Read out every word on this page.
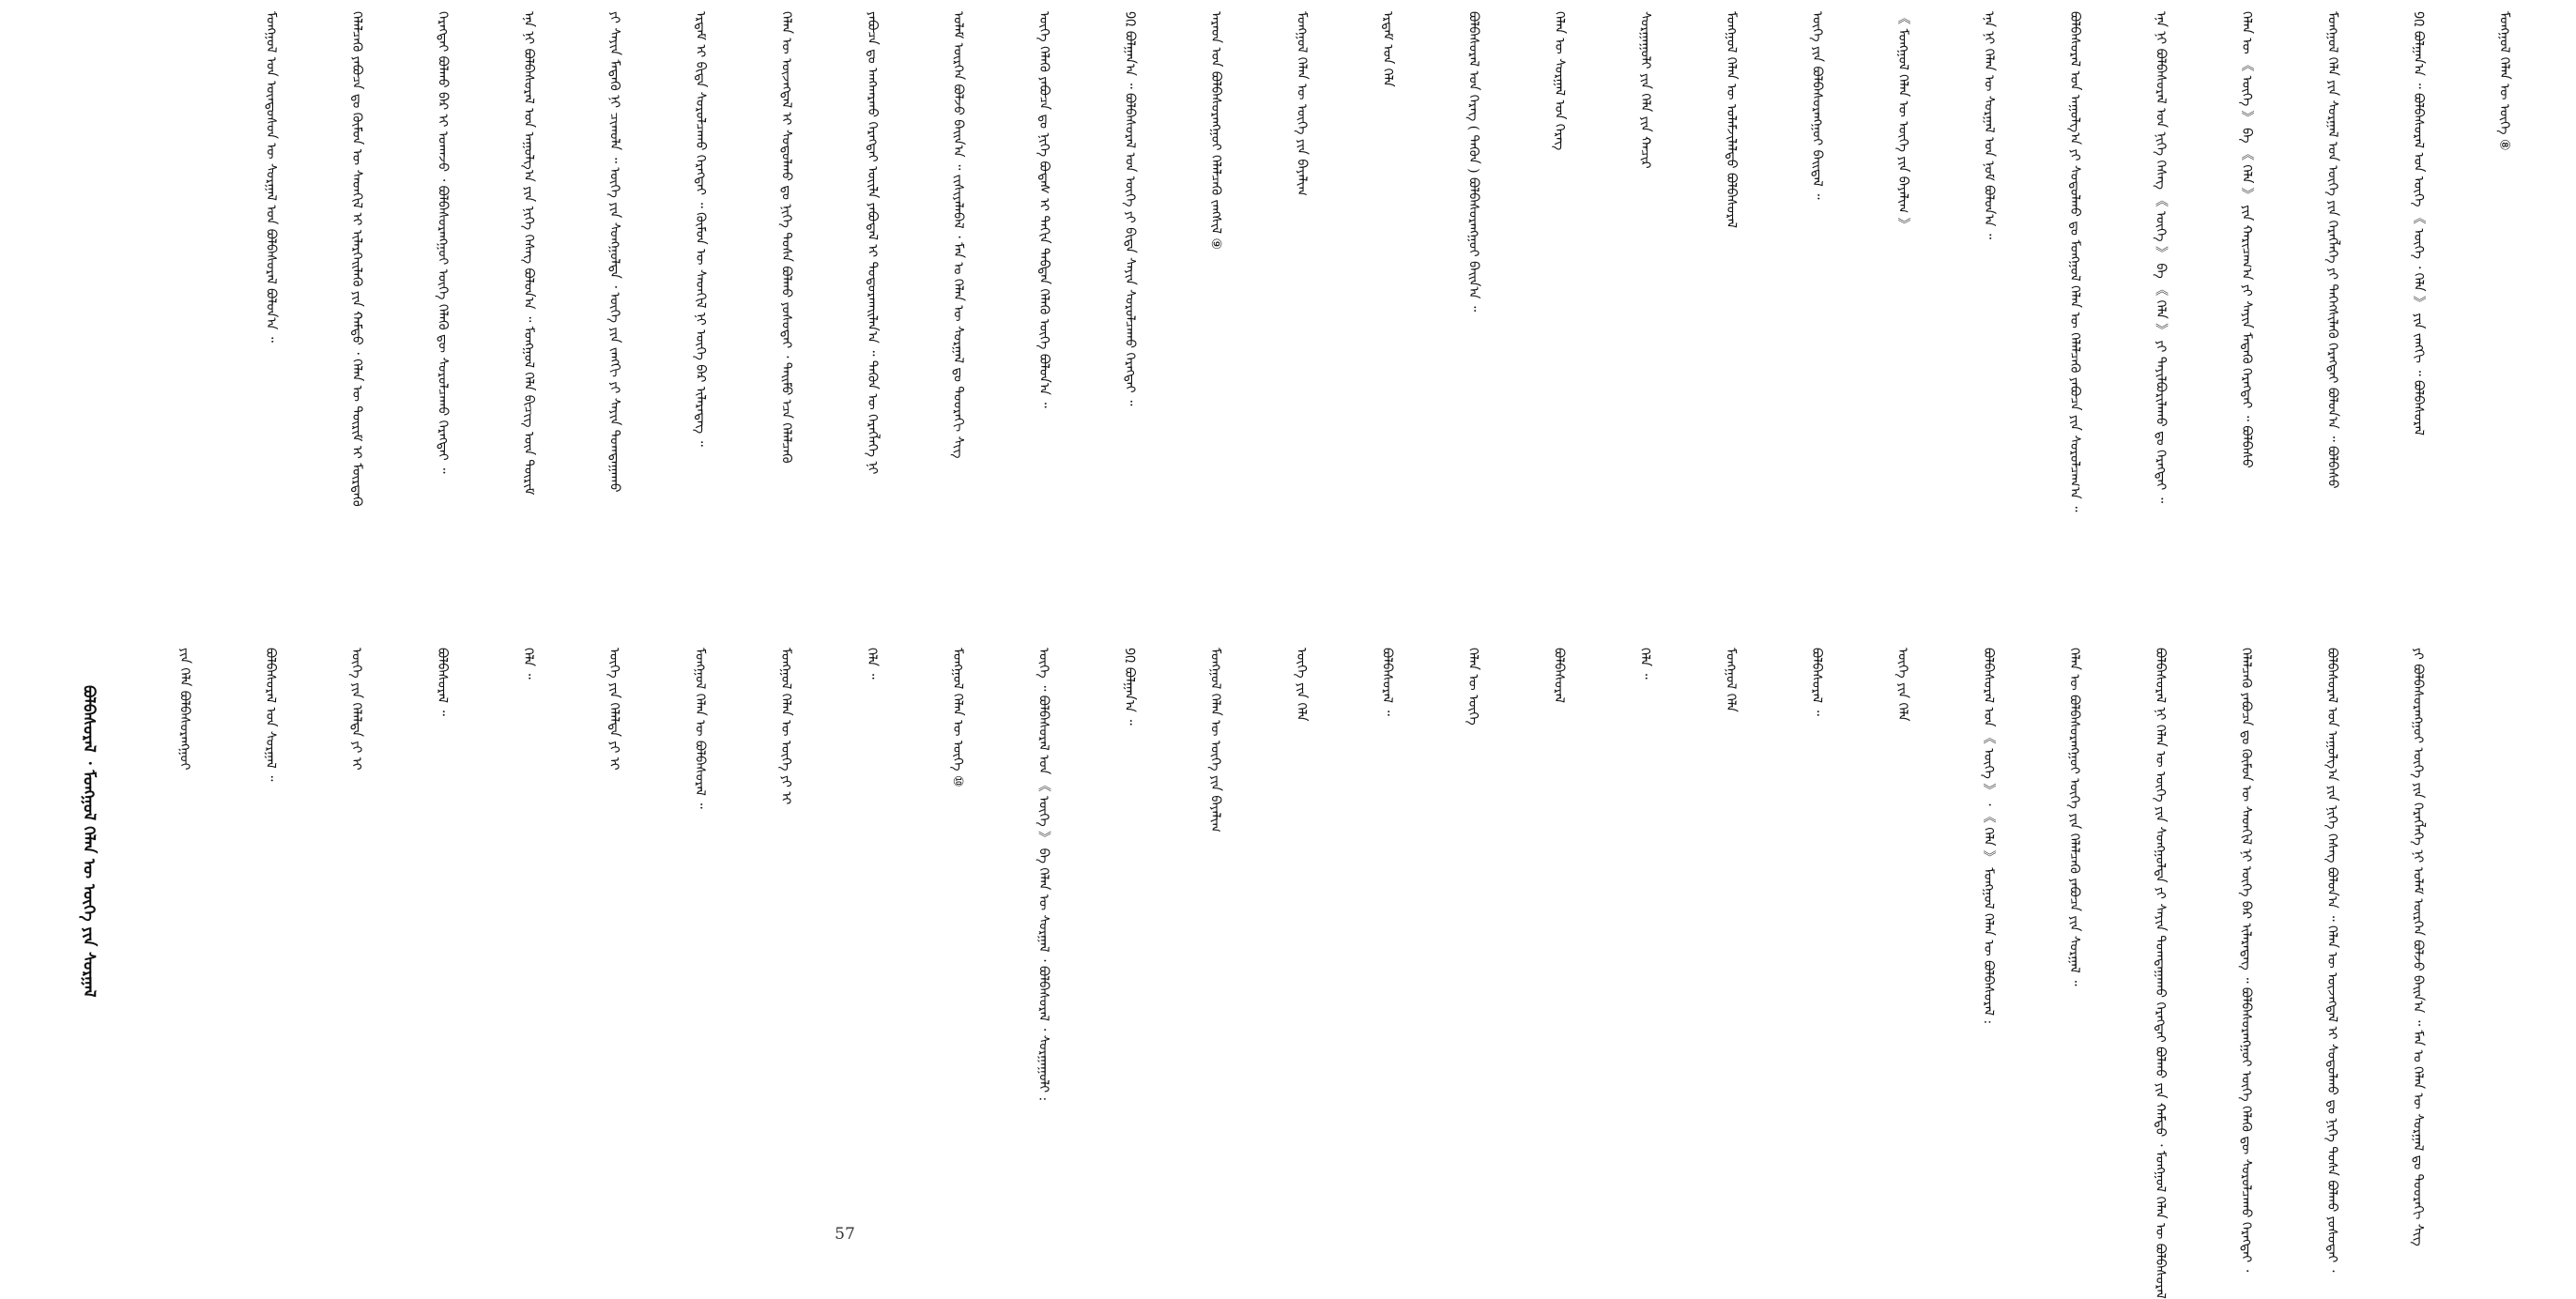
ᠮᠣᠩᠭᠣᠯ ᠤᠨ ᠦᠨᠳᠦᠰᠦᠨ ᠦ ᠰᠤᠷᠭᠠᠯ ᠤᠨ ᠪᠣᠯᠪᠠᠰᠤᠷᠠᠯ ᠪᠣᠯᠤᠨ᠎ᠠ ᠃

	ᠬᠡᠯᠡᠯᠴᠡᠬᠦ ᠶᠠᠪᠤᠴᠠ ᠳᠤ ᠬᠦᠮᠦᠨ ᠦ ᠰᠡᠳᠬᠢᠯ ᠢ ᠢᠯᠡᠷᠬᠡᠢᠯᠡᠬᠦ ᠶᠢᠨ ᠬᠠᠮᠲᠤ ᠂ ᠬᠡᠯᠡᠨ ᠦ ᠳᠦᠷᠢᠮ ᠢ ᠮᠥᠷᠳᠡᠬᠦ

	ᠬᠡᠷᠡᠭᠲᠡᠢ ᠪᠣᠯᠬᠤ ᠪᠠᠷ ᠢ ᠤᠬᠠᠵᠤ ᠂ ᠪᠣᠯᠪᠠᠰᠤᠷᠠᠩᠭᠤᠢ ᠦᠭᠡ ᠬᠡᠯᠡᠬᠦ ᠳᠦ ᠰᠤᠷᠤᠯᠴᠠᠬᠤ ᠬᠡᠷᠡᠭᠲᠡᠢ ᠃

	ᠡᠨᠡ ᠨᠢ ᠪᠣᠯᠪᠠᠰᠤᠷᠠᠯ ᠤᠨ ᠠᠭᠤᠯᠭ᠎ᠠ ᠶᠢᠨ ᠨᠢᠭᠡ ᠬᠡᠰᠡᠭ ᠪᠣᠯᠤᠨ᠎ᠠ ᠃ ᠮᠣᠩᠭᠣᠯ ᠬᠡᠯᠡ ᠪᠢᠴᠢᠭ ᠦᠨ ᠳᠦᠷᠢᠮ

	ᠶᠢ ᠰᠠᠶᠢᠨ ᠮᠡᠳᠡᠬᠦ ᠨᠢ ᠴᠢᠬᠤᠯᠠ ᠃ ᠦᠭᠡ ᠶᠢᠨ ᠰᠤᠩᠭᠤᠯᠲᠠ ᠂ ᠦᠭᠡ ᠶᠢᠨ ᠵᠠᠩᠭᠢ ᠶᠢ ᠰᠠᠶᠢᠨ ᠲᠣᠭᠲᠠᠭᠠᠬᠤ

	ᠡᠷᠳᠡᠮ ᠢ ᠪᠢᠳᠡ ᠰᠤᠷᠤᠯᠴᠠᠬᠤ ᠬᠡᠷᠡᠭᠲᠡᠢ ᠃ ᠬᠦᠮᠦᠨ ᠦ ᠰᠡᠳᠬᠢᠯ ᠨᠢ ᠦᠭᠡ ᠪᠡᠷ ᠢᠯᠡᠷᠡᠳᠡᠭ ᠃

	ᠬᠡᠯᠡᠨ ᠦ ᠦᠵᠡᠭᠳᠡᠯ ᠢ ᠰᠤᠳᠤᠯᠬᠤ ᠳᠤ ᠨᠢᠭᠡ ᠲᠤᠰᠠ ᠪᠣᠯᠬᠤ ᠶᠣᠰᠣᠲᠠᠢ ᠂ ᠲᠡᠢᠮᠦ ᠡᠴᠡ ᠬᠡᠯᠡᠯᠴᠡᠬᠦ

	ᠶᠠᠪᠤᠴᠠ ᠳᠤ ᠠᠩᠬᠠᠷᠬᠤ ᠬᠡᠷᠡᠭᠲᠡᠢ ᠦᠢᠯᠡ ᠶᠠᠪᠤᠳᠠᠯ ᠢ ᠲᠣᠳᠣᠷᠬᠠᠢᠯᠠᠨ᠎ᠠ ᠃ ᠲᠡᠭᠦᠨ ᠦ ᠬᠡᠷᠡᠭᠯᠡᠭᠡ ᠨᠢ

	ᠤᠯᠠᠮ ᠦᠷᠭᠡᠨ ᠪᠣᠯᠵᠤ ᠪᠠᠢᠨ᠎ᠠ ᠃ ᠵᠢᠱᠢᠶᠡᠯᠡᠪᠡᠯ ᠂ ᠮᠠᠨ ᠤ ᠬᠡᠯᠡᠨ ᠦ ᠰᠤᠷᠭᠠᠯ ᠳᠤ ᠳᠣᠣᠷᠠᠬᠢ ᠰᠢᠭ

	ᠦᠭᠡ ᠬᠡᠯᠡᠬᠦ ᠶᠠᠪᠤᠴᠠ ᠳᠤ ᠨᠢᠭᠡ ᠪᠣᠳᠠᠰ ᠢ ᠳᠠᠬᠢᠨ ᠳᠠᠪᠲᠠᠨ ᠬᠡᠯᠡᠬᠦ ᠦᠭᠡ ᠪᠣᠯᠤᠨ᠎ᠠ ᠃

	᠑᠒ ᠪᠣᠯᠭᠠᠨ᠎ᠠ ᠃ ᠪᠣᠯᠪᠠᠰᠤᠷᠠᠯ ᠤᠨ ᠦᠭᠡ ᠶᠢ ᠪᠢᠳᠡ ᠰᠠᠶᠢᠨ ᠰᠤᠷᠤᠯᠴᠠᠬᠤ ᠬᠡᠷᠡᠭᠲᠡᠢ ᠃

	ᠠᠷᠠᠳ ᠤᠨ ᠪᠣᠯᠪᠠᠰᠤᠷᠠᠩᠭᠤᠢ ᠬᠡᠯᠡᠯᠴᠡᠬᠦ ᠵᠠᠩᠰᠢᠯ ⑨

	ᠮᠣᠩᠭᠣᠯ ᠬᠡᠯᠡᠨ ᠦ ᠦᠭᠡ ᠶᠢᠨ ᠪᠠᠶᠠᠯᠢᠭ

	ᠡᠷᠳᠡᠮ ᠤᠨ ᠬᠡᠯᠡ

	ᠪᠣᠯᠪᠠᠰᠤᠷᠠᠯ ᠤᠨ ᠬᠡᠷᠡᠭ ( ᠲᠡᠭᠦᠨ ) ᠪᠣᠯᠪᠠᠰᠤᠷᠠᠩᠭᠤᠢ ᠪᠠᠢᠨ᠎ᠠ ᠃

	ᠬᠡᠯᠡᠨ ᠦ ᠰᠤᠷᠭᠠᠯ ᠤᠨ ᠬᠡᠷᠡᠭ

	ᠰᠤᠷᠭᠠᠭᠤᠯᠢ ᠶᠢᠨ ᠬᠡᠯᠡ ᠶᠢᠨ ᠬᠠᠴᠢᠷ

	ᠮᠣᠩᠭᠣᠯ ᠬᠡᠯᠡᠨ ᠦ ᠤᠯᠠᠮᠵᠢᠯᠠᠯᠲᠤ ᠪᠣᠯᠪᠠᠰᠤᠷᠠᠯ

	ᠦᠭᠡ ᠶᠢᠨ ᠪᠣᠯᠪᠠᠰᠤᠷᠠᠩᠭᠤᠢ ᠪᠠᠢᠳᠠᠯ ᠃

	《 ᠮᠣᠩᠭᠣᠯ ᠬᠡᠯᠡᠨ ᠦ ᠦᠭᠡ ᠶᠢᠨ ᠪᠠᠶᠠᠯᠢᠭ 》

	ᠡᠨᠡ ᠨᠢ ᠬᠡᠯᠡᠨ ᠦ ᠰᠤᠷᠭᠠᠯ ᠤᠨ ᠨᠣᠮ ᠪᠣᠯᠤᠨ᠎ᠠ ᠃

	ᠪᠣᠯᠪᠠᠰᠤᠷᠠᠯ ᠤᠨ ᠠᠭᠤᠯᠭ᠎ᠠ ᠶᠢ ᠰᠤᠳᠤᠯᠬᠤ ᠳᠤ ᠮᠣᠩᠭᠣᠯ ᠬᠡᠯᠡᠨ ᠦ ᠬᠡᠯᠡᠯᠴᠡᠬᠦ ᠶᠠᠪᠤᠴᠠ ᠶᠢᠨ ᠰᠤᠷᠤᠯᠴᠠᠭ᠎ᠠ ᠃

	ᠡᠨᠡ ᠨᠢ ᠪᠣᠯᠪᠠᠰᠤᠷᠠᠯ ᠤᠨ ᠨᠢᠭᠡ ᠬᠡᠰᠡᠭ 《 ᠦᠭᠡ 》 ᠪᠠ 《 ᠬᠡᠯᠡ 》 ᠶᠢ ᠲᠠᠶᠢᠯᠪᠤᠷᠢᠯᠠᠬᠤ ᠳᠤ ᠬᠡᠷᠡᠭᠲᠡᠢ ᠃

	ᠬᠡᠯᠡᠨ ᠦ 《 ᠦᠭᠡ 》 ᠪᠠ 《 ᠬᠡᠯᠡ 》 ᠶᠢᠨ ᠬᠠᠷᠢᠴᠠᠭ᠎ᠠ ᠶᠢ ᠰᠠᠶᠢᠨ ᠮᠡᠳᠡᠬᠦ ᠬᠡᠷᠡᠭᠲᠡᠢ ᠃ ᠪᠣᠯᠪᠠᠰᠤ

	ᠮᠣᠩᠭᠣᠯ ᠬᠡᠯᠡ ᠶᠢᠨ ᠰᠤᠷᠭᠠᠯ ᠤᠨ ᠦᠭᠡ ᠶᠢᠨ ᠬᠡᠷᠡᠭᠯᠡᠭᠡ ᠶᠢ ᠳᠡᠭᠡᠭᠰᠢᠯᠡᠬᠦ ᠬᠡᠷᠡᠭᠲᠡᠢ ᠪᠣᠯᠤᠨ᠎ᠠ ᠃ ᠪᠣᠯᠪᠠᠰᠤ

	᠑᠒ ᠪᠣᠯᠭᠠᠨ᠎ᠠ ᠃ ᠪᠣᠯᠪᠠᠰᠤᠷᠠᠯ ᠤᠨ ᠦᠭᠡ 《 ᠦᠭᠡ ᠂ ᠬᠡᠯᠡ 》 ᠶᠢᠨ ᠵᠠᠩᠭᠢ ᠃ ᠪᠣᠯᠪᠠᠰᠤᠷᠠᠯ

	ᠮᠣᠩᠭᠣᠯ ᠬᠡᠯᠡᠨ ᠦ ᠦᠭᠡ ⑧

ᠶᠢᠨ ᠬᠡᠯᠡ ᠪᠣᠯᠪᠠᠰᠤᠷᠠᠩᠭᠤᠢ

	ᠪᠣᠯᠪᠠᠰᠤᠷᠠᠯ ᠤᠨ ᠰᠤᠷᠭᠠᠯ ᠃

	ᠦᠭᠡ ᠶᠢᠨ ᠬᠡᠯᠡᠯᠲᠡ ᠶᠢ ᠢ

	ᠪᠣᠯᠪᠠᠰᠤᠷᠠᠯ ᠃

	ᠬᠡᠯᠡ ᠃

	ᠦᠭᠡ ᠶᠢᠨ ᠬᠡᠯᠡᠯᠲᠡ ᠶᠢ ᠢ

	ᠮᠣᠩᠭᠣᠯ ᠬᠡᠯᠡᠨ ᠦ ᠪᠣᠯᠪᠠᠰᠤᠷᠠᠯ ᠃

	ᠮᠣᠩᠭᠣᠯ ᠬᠡᠯᠡᠨ ᠦ ᠦᠭᠡ ᠶᠢ ᠢ

	ᠬᠡᠯᠡ ᠃

	ᠮᠣᠩᠭᠣᠯ ᠬᠡᠯᠡᠨ ᠦ ᠦᠭᠡ ⑩

	ᠦᠭᠡ ᠃ ᠪᠣᠯᠪᠠᠰᠤᠷᠠᠯ ᠤᠨ 《 ᠦᠭᠡ 》 ᠪᠠ ᠬᠡᠯᠡᠨ ᠦ ᠰᠤᠷᠭᠠᠯ ᠂ ᠪᠣᠯᠪᠠᠰᠤᠷᠠᠯ ᠂ ᠰᠤᠷᠭᠠᠭᠤᠯᠢ :

	᠑᠒ ᠪᠣᠯᠭᠠᠨ᠎ᠠ ᠃

	ᠮᠣᠩᠭᠣᠯ ᠬᠡᠯᠡᠨ ᠦ ᠦᠭᠡ ᠶᠢᠨ ᠪᠠᠶᠠᠯᠢᠭ

	ᠦᠭᠡ ᠶᠢᠨ ᠬᠡᠯᠡ

	ᠪᠣᠯᠪᠠᠰᠤᠷᠠᠯ ᠃

	ᠬᠡᠯᠡᠨ ᠦ ᠦᠭᠡ

	ᠪᠣᠯᠪᠠᠰᠤᠷᠠᠯ

	ᠬᠡᠯᠡ ᠃

	ᠮᠣᠩᠭᠣᠯ ᠬᠡᠯᠡ

	ᠪᠣᠯᠪᠠᠰᠤᠷᠠᠯ ᠃

	ᠦᠭᠡ ᠶᠢᠨ ᠬᠡᠯᠡ

	ᠪᠣᠯᠪᠠᠰᠤᠷᠠᠯ ᠤᠨ 《 ᠦᠭᠡ 》 ᠂ 《 ᠬᠡᠯᠡ 》 ᠮᠣᠩᠭᠣᠯ ᠬᠡᠯᠡᠨ ᠦ ᠪᠣᠯᠪᠠᠰᠤᠷᠠᠯ :

	ᠬᠡᠯᠡᠨ ᠦ ᠪᠣᠯᠪᠠᠰᠤᠷᠠᠩᠭᠤᠢ ᠦᠭᠡ ᠶᠢᠨ ᠬᠡᠯᠡᠯᠴᠡᠬᠦ ᠶᠠᠪᠤᠴᠠ ᠶᠢᠨ ᠰᠤᠷᠭᠠᠯ ᠃

	ᠪᠣᠯᠪᠠᠰᠤᠷᠠᠯ ᠨᠢ ᠬᠡᠯᠡᠨ ᠦ ᠦᠭᠡ ᠶᠢᠨ ᠰᠤᠩᠭᠤᠯᠲᠠ ᠶᠢ ᠰᠠᠶᠢᠨ ᠲᠣᠭᠲᠠᠭᠠᠬᠤ ᠬᠡᠷᠡᠭᠲᠡᠢ ᠪᠣᠯᠬᠤ ᠶᠢᠨ ᠬᠠᠮᠲᠤ ᠂ ᠮᠣᠩᠭᠣᠯ ᠬᠡᠯᠡᠨ ᠦ ᠪᠣᠯᠪᠠᠰᠤᠷᠠᠯ

	ᠬᠡᠯᠡᠯᠴᠡᠬᠦ ᠶᠠᠪᠤᠴᠠ ᠳᠤ ᠬᠦᠮᠦᠨ ᠦ ᠰᠡᠳᠬᠢᠯ ᠨᠢ ᠦᠭᠡ ᠪᠡᠷ ᠢᠯᠡᠷᠡᠳᠡᠭ ᠃ ᠪᠣᠯᠪᠠᠰᠤᠷᠠᠩᠭᠤᠢ ᠦᠭᠡ ᠬᠡᠯᠡᠬᠦ ᠳᠦ ᠰᠤᠷᠤᠯᠴᠠᠬᠤ ᠬᠡᠷᠡᠭᠲᠡᠢ ᠂

	ᠪᠣᠯᠪᠠᠰᠤᠷᠠᠯ ᠤᠨ ᠠᠭᠤᠯᠭ᠎ᠠ ᠶᠢᠨ ᠨᠢᠭᠡ ᠬᠡᠰᠡᠭ ᠪᠣᠯᠤᠨ᠎ᠠ ᠃ ᠬᠡᠯᠡᠨ ᠦ ᠦᠵᠡᠭᠳᠡᠯ ᠢ ᠰᠤᠳᠤᠯᠬᠤ ᠳᠤ ᠨᠢᠭᠡ ᠲᠤᠰᠠ ᠪᠣᠯᠬᠤ ᠶᠣᠰᠣᠲᠠᠢ ᠂

	ᠶᠢ ᠪᠣᠯᠪᠠᠰᠤᠷᠠᠩᠭᠤᠢ ᠦᠭᠡ ᠶᠢᠨ ᠬᠡᠷᠡᠭᠯᠡᠭᠡ ᠨᠢ ᠤᠯᠠᠮ ᠦᠷᠭᠡᠨ ᠪᠣᠯᠵᠤ ᠪᠠᠢᠨ᠎ᠠ ᠃ ᠮᠠᠨ ᠤ ᠬᠡᠯᠡᠨ ᠦ ᠰᠤᠷᠭᠠᠯ ᠳᠤ ᠳᠣᠣᠷᠠᠬᠢ ᠰᠢᠭ

ᠪᠣᠯᠪᠠᠰᠤᠷᠠᠯ ᠂ ᠮᠣᠩᠭᠣᠯ ᠬᠡᠯᠡᠨ ᠦ ᠦᠭᠡ ᠶᠢᠨ ᠰᠤᠷᠭᠠᠯ

57
